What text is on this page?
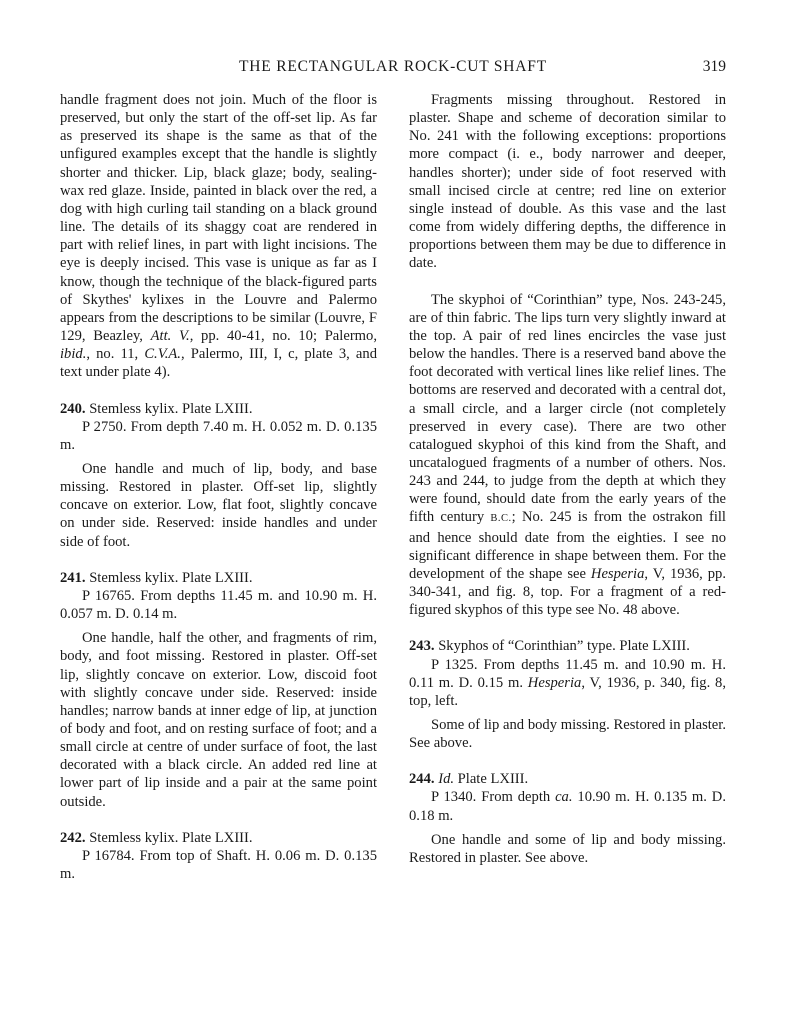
THE RECTANGULAR ROCK-CUT SHAFT	319

handle fragment does not join. Much of the floor is preserved, but only the start of the off-set lip. As far as preserved its shape is the same as that of the unfigured examples except that the handle is slightly shorter and thicker. Lip, black glaze; body, sealing-wax red glaze. Inside, painted in black over the red, a dog with high curling tail standing on a black ground line. The details of its shaggy coat are rendered in part with relief lines, in part with light incisions. The eye is deeply incised. This vase is unique as far as I know, though the technique of the black-figured parts of Skythes' kylixes in the Louvre and Palermo appears from the descriptions to be similar (Louvre, F 129, Beazley, Att. V., pp. 40-41, no. 10; Palermo, ibid., no. 11, C.V.A., Palermo, III, I, c, plate 3, and text under plate 4).

240. Stemless kylix. Plate LXIII.

P 2750. From depth 7.40 m. H. 0.052 m. D. 0.135 m.

One handle and much of lip, body, and base missing. Restored in plaster. Off-set lip, slightly concave on exterior. Low, flat foot, slightly concave on under side. Reserved: inside handles and under side of foot.

241. Stemless kylix. Plate LXIII.

P 16765. From depths 11.45 m. and 10.90 m. H. 0.057 m. D. 0.14 m.

One handle, half the other, and fragments of rim, body, and foot missing. Restored in plaster. Off-set lip, slightly concave on exterior. Low, discoid foot with slightly concave under side. Reserved: inside handles; narrow bands at inner edge of lip, at junction of body and foot, and on resting surface of foot; and a small circle at centre of under surface of foot, the last decorated with a black circle. An added red line at lower part of lip inside and a pair at the same point outside.

242. Stemless kylix. Plate LXIII.

P 16784. From top of Shaft. H. 0.06 m. D. 0.135 m.

Fragments missing throughout. Restored in plaster. Shape and scheme of decoration similar to No. 241 with the following exceptions: proportions more compact (i. e., body narrower and deeper, handles shorter); under side of foot reserved with small incised circle at centre; red line on exterior single instead of double. As this vase and the last come from widely differing depths, the difference in proportions between them may be due to difference in date.

The skyphoi of “Corinthian” type, Nos. 243-245, are of thin fabric. The lips turn very slightly inward at the top. A pair of red lines encircles the vase just below the handles. There is a reserved band above the foot decorated with vertical lines like relief lines. The bottoms are reserved and decorated with a central dot, a small circle, and a larger circle (not completely preserved in every case). There are two other catalogued skyphoi of this kind from the Shaft, and uncatalogued fragments of a number of others. Nos. 243 and 244, to judge from the depth at which they were found, should date from the early years of the fifth century B.C.; No. 245 is from the ostrakon fill and hence should date from the eighties. I see no significant difference in shape between them. For the development of the shape see Hesperia, V, 1936, pp. 340-341, and fig. 8, top. For a fragment of a red-figured skyphos of this type see No. 48 above.

243. Skyphos of “Corinthian” type. Plate LXIII.

P 1325. From depths 11.45 m. and 10.90 m. H. 0.11 m. D. 0.15 m. Hesperia, V, 1936, p. 340, fig. 8, top, left.

Some of lip and body missing. Restored in plaster. See above.

244. Id. Plate LXIII.

P 1340. From depth ca. 10.90 m. H. 0.135 m. D. 0.18 m.

One handle and some of lip and body missing. Restored in plaster. See above.
